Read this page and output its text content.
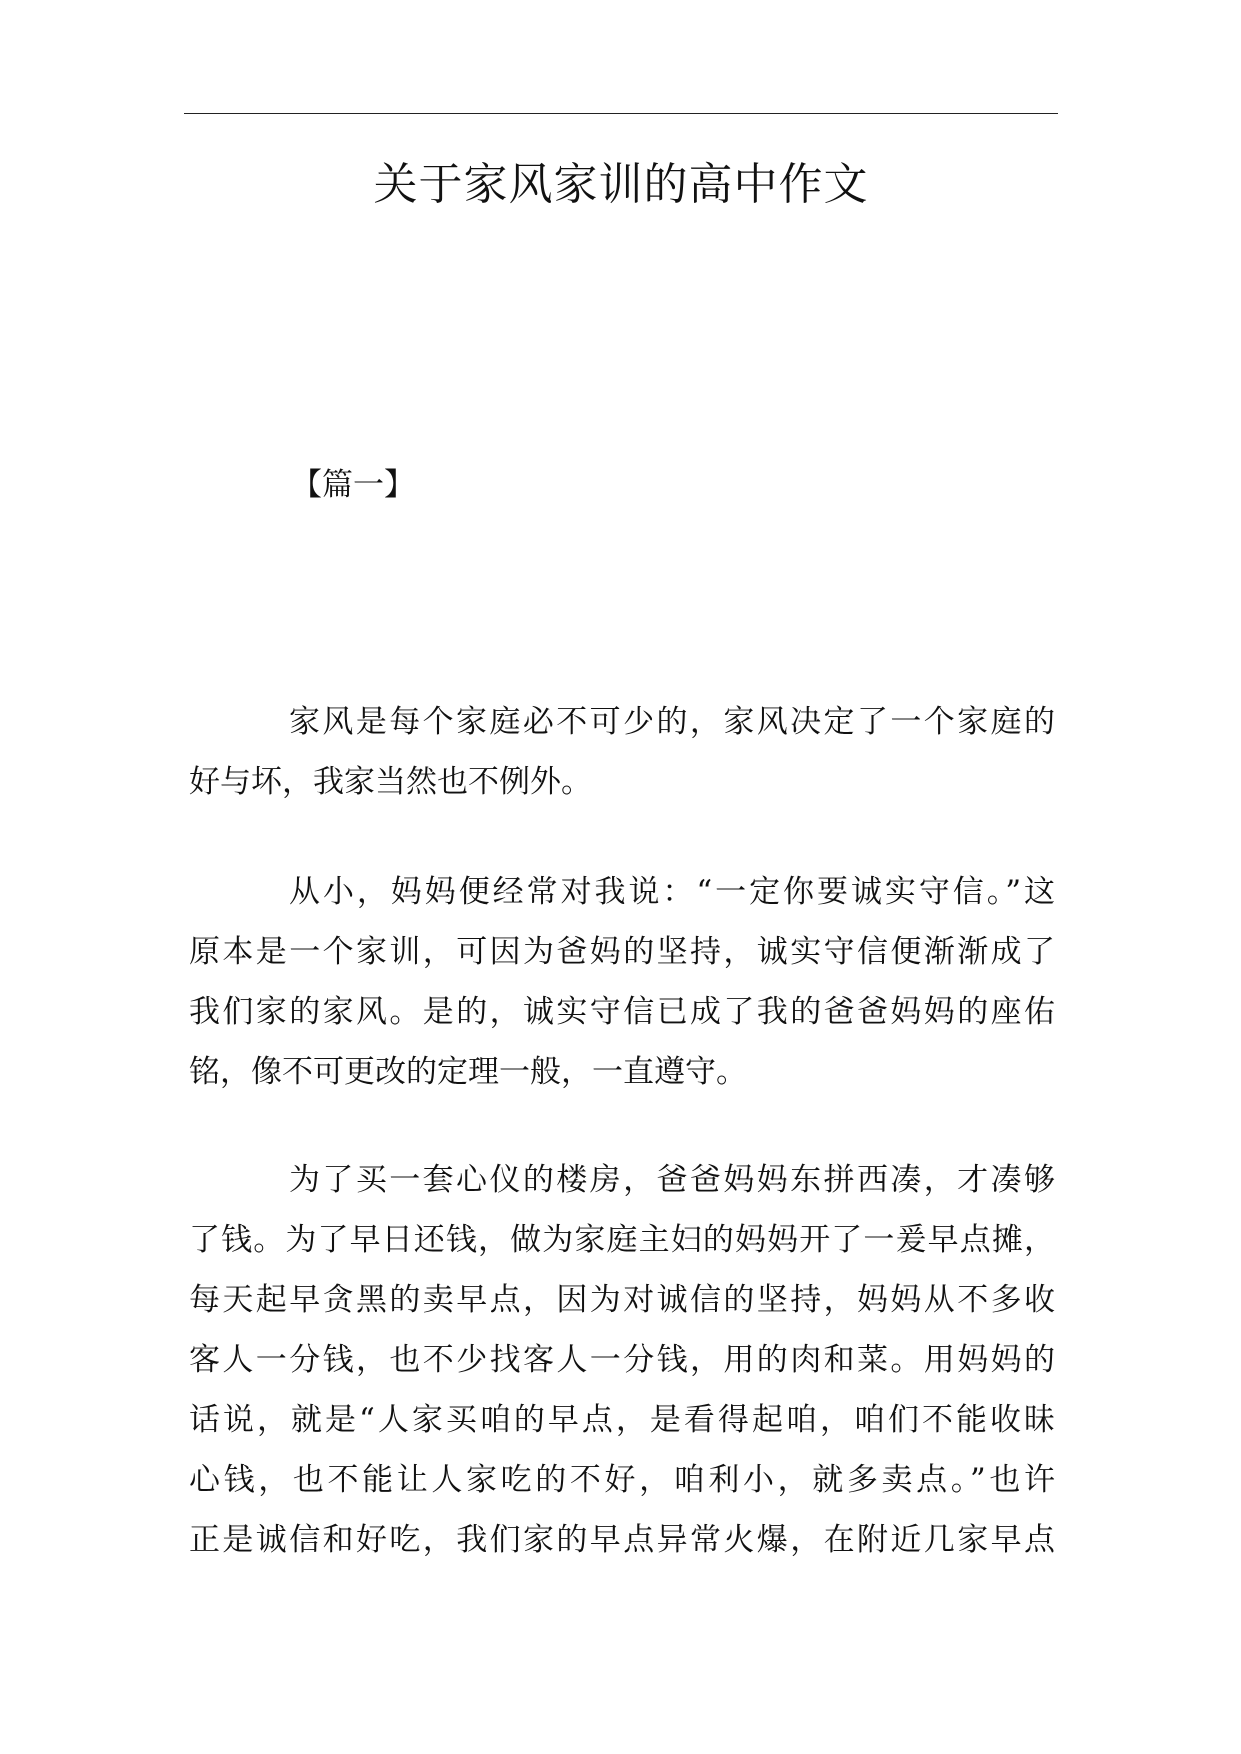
关于家风家训的高中作文

【篇一】

家风是每个家庭必不可少的，家风决定了一个家庭的
好与坏，我家当然也不例外。

从小，妈妈便经常对我说：“一定你要诚实守信。”这
原本是一个家训，可因为爸妈的坚持，诚实守信便渐渐成了
我们家的家风。是的，诚实守信已成了我的爸爸妈妈的座佑
铭，像不可更改的定理一般，一直遵守。

为了买一套心仪的楼房，爸爸妈妈东拼西凑，才凑够
了钱。为了早日还钱，做为家庭主妇的妈妈开了一爰早点摊，
每天起早贪黑的卖早点，因为对诚信的坚持，妈妈从不多收
客人一分钱，也不少找客人一分钱，用的肉和菜。用妈妈的
话说，就是“人家买咱的早点，是看得起咱，咱们不能收昧
心钱，也不能让人家吃的不好，咱利小，就多卖点。”也许
正是诚信和好吃，我们家的早点异常火爆，在附近几家早点
